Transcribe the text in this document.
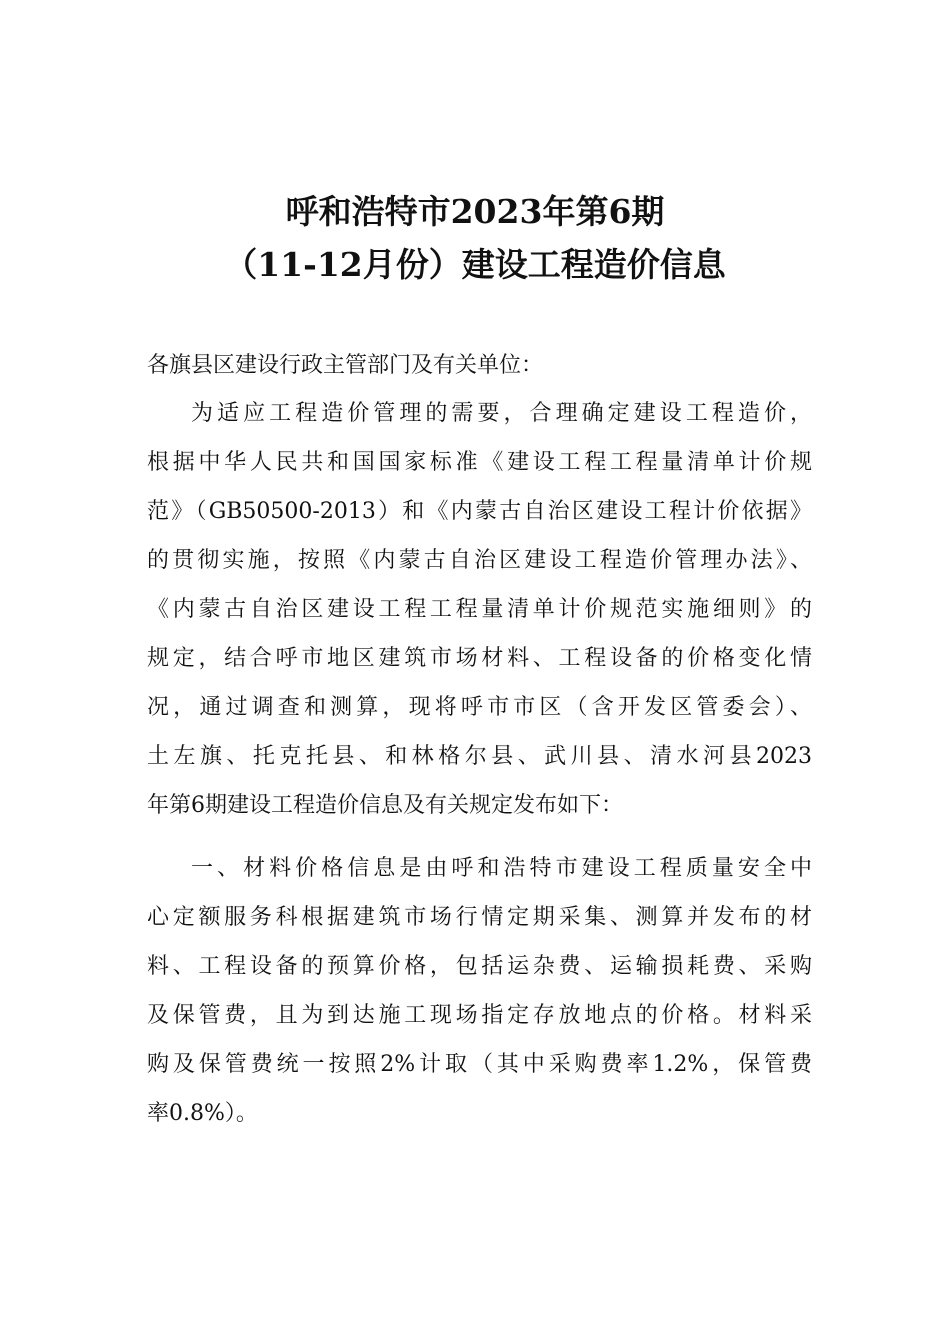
呼和浩特市2023年第6期
（11-12月份）建设工程造价信息
各旗县区建设行政主管部门及有关单位：
为适应工程造价管理的需要，合理确定建设工程造价，
根据中华人民共和国国家标准《建设工程工程量清单计价规
范》（GB50500-2013）和《内蒙古自治区建设工程计价依据》
的贯彻实施，按照《内蒙古自治区建设工程造价管理办法》、
《内蒙古自治区建设工程工程量清单计价规范实施细则》的
规定，结合呼市地区建筑市场材料、工程设备的价格变化情
况，通过调查和测算，现将呼市市区（含开发区管委会）、
土左旗、托克托县、和林格尔县、武川县、清水河县2023
年第6期建设工程造价信息及有关规定发布如下：
一、材料价格信息是由呼和浩特市建设工程质量安全中
心定额服务科根据建筑市场行情定期采集、测算并发布的材
料、工程设备的预算价格，包括运杂费、运输损耗费、采购
及保管费，且为到达施工现场指定存放地点的价格。材料采
购及保管费统一按照2%计取（其中采购费率1.2%，保管费
率0.8%）。
